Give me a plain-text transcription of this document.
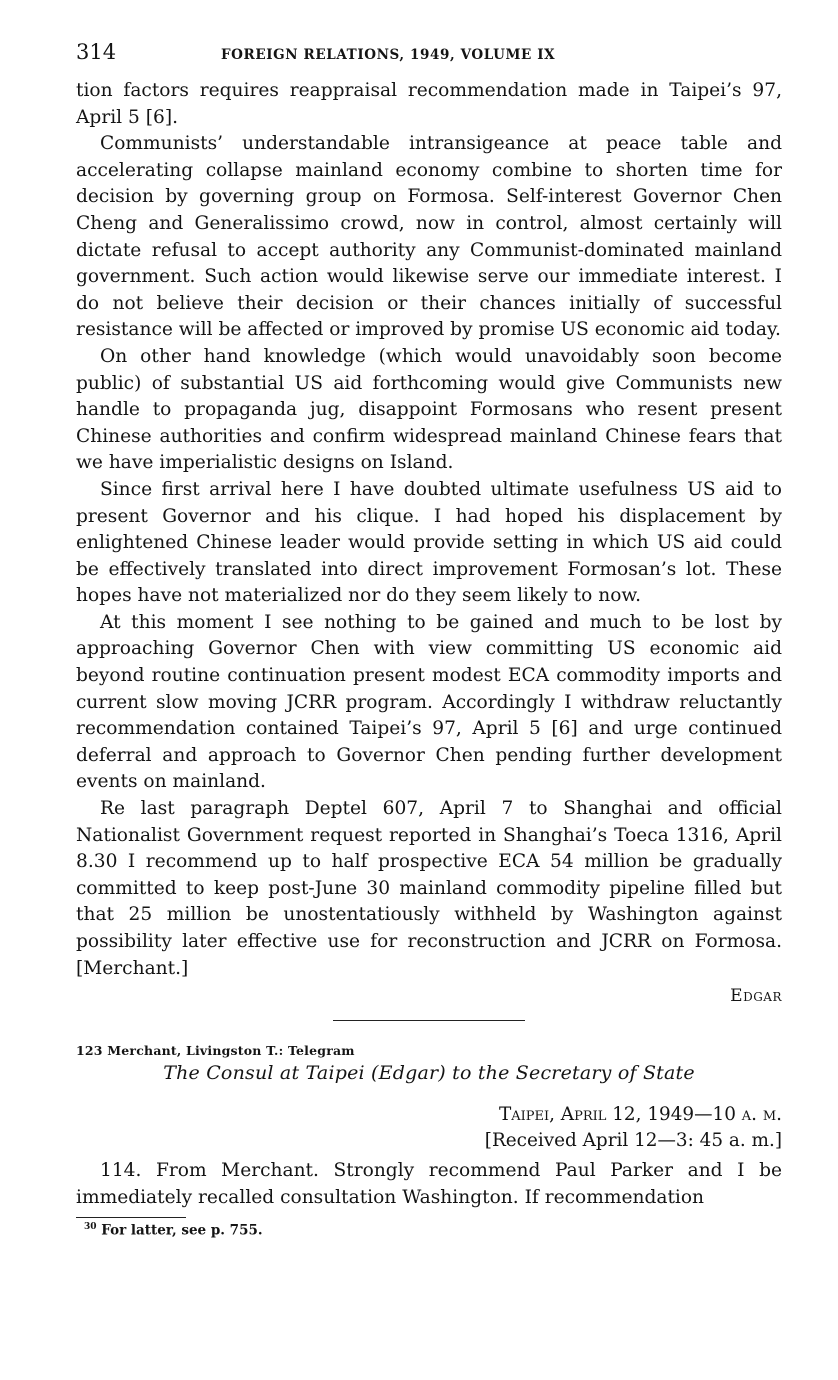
314	FOREIGN RELATIONS, 1949, VOLUME IX

tion factors requires reappraisal recommendation made in Taipei’s 97, April 5 [6].

Communists’ understandable intransigeance at peace table and accelerating collapse mainland economy combine to shorten time for decision by governing group on Formosa. Self-interest Governor Chen Cheng and Generalissimo crowd, now in control, almost certainly will dictate refusal to accept authority any Communist-dominated mainland government. Such action would likewise serve our immediate interest. I do not believe their decision or their chances initially of successful resistance will be affected or improved by promise US economic aid today.

On other hand knowledge (which would unavoidably soon become public) of substantial US aid forthcoming would give Communists new handle to propaganda jug, disappoint Formosans who resent present Chinese authorities and confirm widespread mainland Chinese fears that we have imperialistic designs on Island.

Since first arrival here I have doubted ultimate usefulness US aid to present Governor and his clique. I had hoped his displacement by enlightened Chinese leader would provide setting in which US aid could be effectively translated into direct improvement Formosan’s lot. These hopes have not materialized nor do they seem likely to now.

At this moment I see nothing to be gained and much to be lost by approaching Governor Chen with view committing US economic aid beyond routine continuation present modest ECA commodity imports and current slow moving JCRR program. Accordingly I withdraw reluctantly recommendation contained Taipei’s 97, April 5 [6] and urge continued deferral and approach to Governor Chen pending further development events on mainland.

Re last paragraph Deptel 607, April 7 to Shanghai and official Nationalist Government request reported in Shanghai’s Toeca 1316, April 8.30 I recommend up to half prospective ECA 54 million be gradually committed to keep post-June 30 mainland commodity pipeline filled but that 25 million be unostentatiously withheld by Washington against possibility later effective use for reconstruction and JCRR on Formosa. [Merchant.]

Edgar
123 Merchant, Livingston T.: Telegram
The Consul at Taipei (Edgar) to the Secretary of State
Taipei, April 12, 1949—10 a. m.
[Received April 12—3: 45 a. m.]

114. From Merchant. Strongly recommend Paul Parker and I be immediately recalled consultation Washington. If recommendation

$^{30}$ For latter, see p. 755.
